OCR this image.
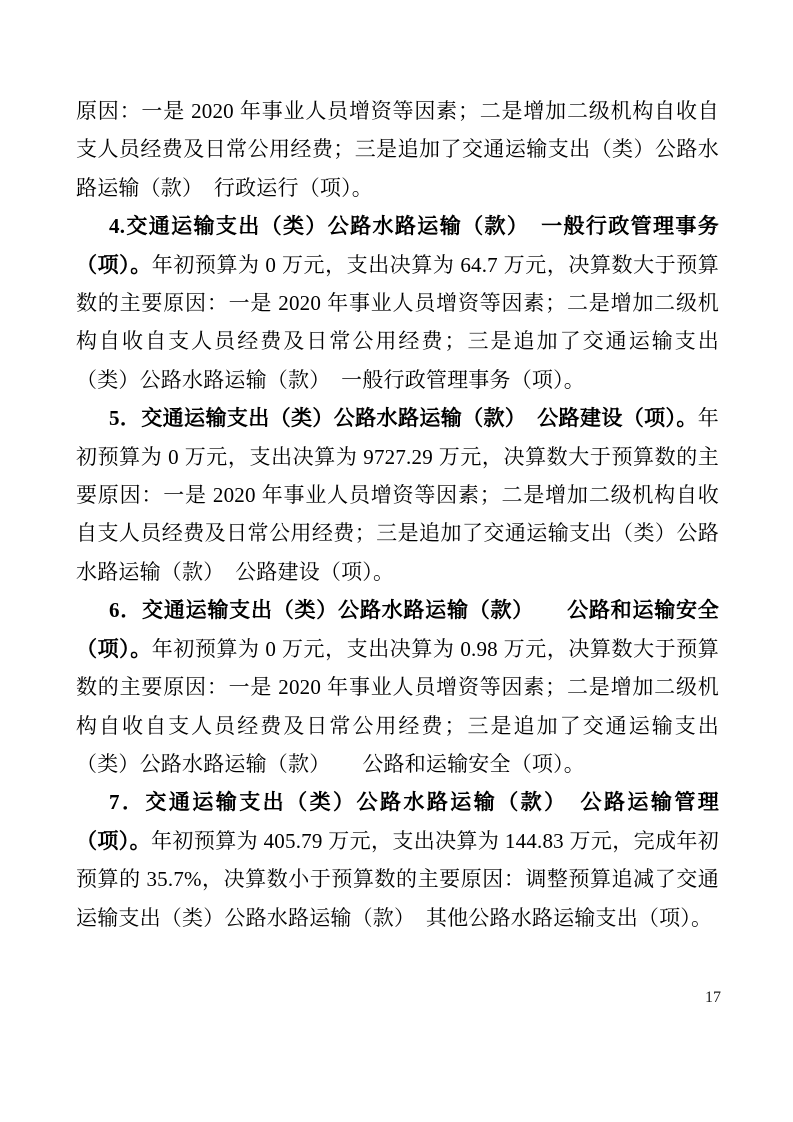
原因：一是 2020 年事业人员增资等因素；二是增加二级机构自收自支人员经费及日常公用经费；三是追加了交通运输支出（类）公路水路运输（款）　行政运行（项）。

4.交通运输支出（类）公路水路运输（款）　一般行政管理事务（项）。年初预算为 0 万元，支出决算为 64.7 万元，决算数大于预算数的主要原因：一是 2020 年事业人员增资等因素；二是增加二级机构自收自支人员经费及日常公用经费；三是追加了交通运输支出（类）公路水路运输（款）　一般行政管理事务（项）。

5．交通运输支出（类）公路水路运输（款）　公路建设（项）。年初预算为 0 万元，支出决算为 9727.29 万元，决算数大于预算数的主要原因：一是 2020 年事业人员增资等因素；二是增加二级机构自收自支人员经费及日常公用经费；三是追加了交通运输支出（类）公路水路运输（款）　公路建设（项）。

6．交通运输支出（类）公路水路运输（款）　　公路和运输安全（项）。年初预算为 0 万元，支出决算为 0.98 万元，决算数大于预算数的主要原因：一是 2020 年事业人员增资等因素；二是增加二级机构自收自支人员经费及日常公用经费；三是追加了交通运输支出（类）公路水路运输（款）　　公路和运输安全（项）。

7．交通运输支出（类）公路水路运输（款）　公路运输管理（项）。年初预算为 405.79 万元，支出决算为 144.83 万元，完成年初预算的 35.7%，决算数小于预算数的主要原因：调整预算追减了交通运输支出（类）公路水路运输（款）　其他公路水路运输支出（项）。

17
